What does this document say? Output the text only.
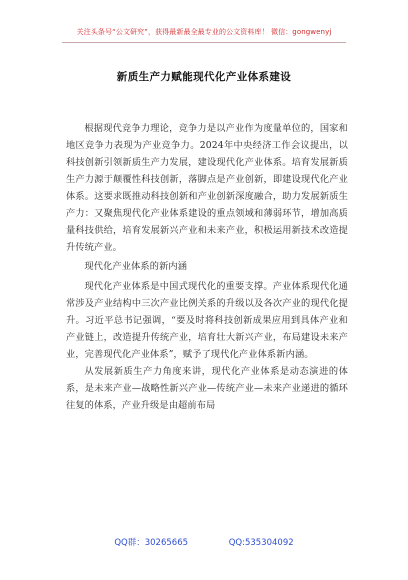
关注头条号“公文研究”，获得最新最全最专业的公文资料库！ 微信：gongwenyj
新质生产力赋能现代化产业体系建设

根据现代竞争力理论，竞争力是以产业作为度量单位的，国家和地区竞争力表现为产业竞争力。2024年中央经济工作会议提出，以科技创新引领新质生产力发展，建设现代化产业体系。培育发展新质生产力源于颠覆性科技创新，落脚点是产业创新，即建设现代化产业体系。这要求既推动科技创新和产业创新深度融合，助力发展新质生产力：又聚焦现代化产业体系建设的重点领域和薄弱环节，增加高质量科技供给，培育发展新兴产业和未来产业，积极运用新技术改造提升传统产业。

现代化产业体系的新内涵

现代化产业体系是中国式现代化的重要支撑。产业体系现代化通常涉及产业结构中三次产业比例关系的升级以及各次产业的现代化提升。习近平总书记强调，“要及时将科技创新成果应用到具体产业和产业链上，改造提升传统产业，培育壮大新兴产业，布局建设未来产业，完善现代化产业体系”，赋予了现代化产业体系新内涵。

从发展新质生产力角度来讲，现代化产业体系是动态演进的体系，是未来产业—战略性新兴产业—传统产业—未来产业递进的循环往复的体系，产业升级是由超前布局

QQ群：30265665	QQ:535304092
